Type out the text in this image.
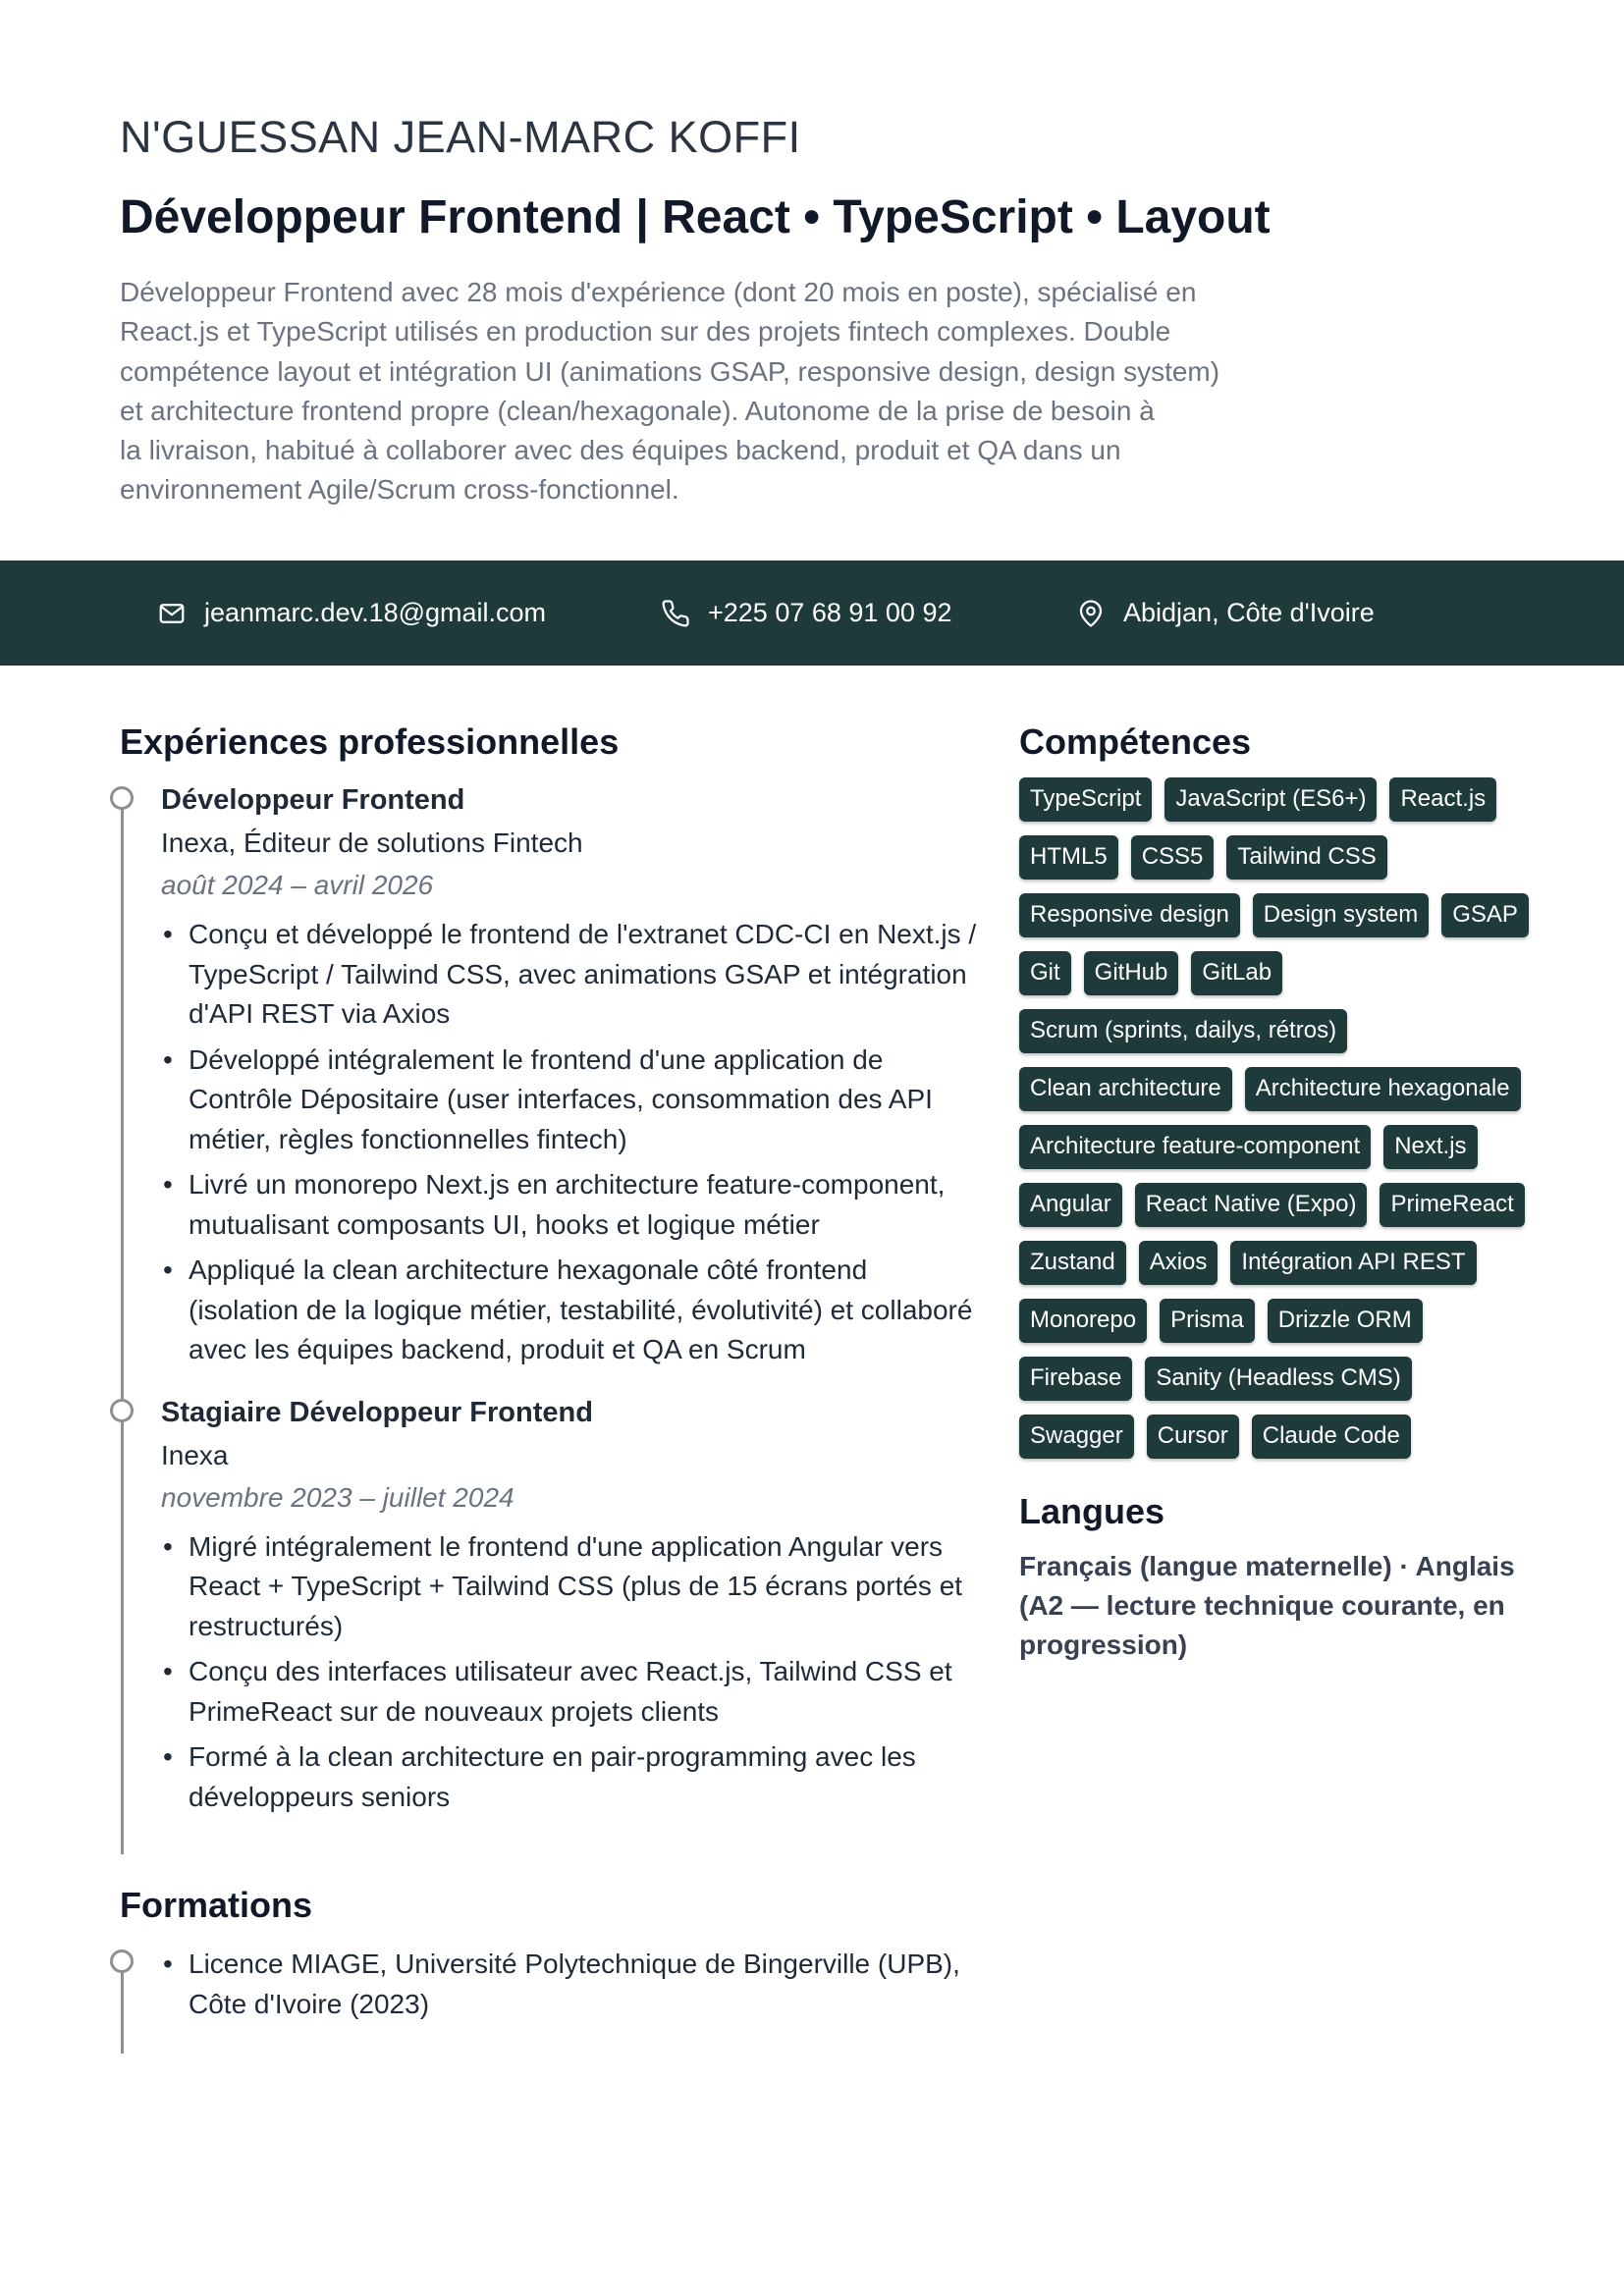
N'GUESSAN JEAN-MARC KOFFI
Développeur Frontend | React • TypeScript • Layout
Développeur Frontend avec 28 mois d'expérience (dont 20 mois en poste), spécialisé en
React.js et TypeScript utilisés en production sur des projets fintech complexes. Double
compétence layout et intégration UI (animations GSAP, responsive design, design system)
et architecture frontend propre (clean/hexagonale). Autonome de la prise de besoin à
la livraison, habitué à collaborer avec des équipes backend, produit et QA dans un
environnement Agile/Scrum cross-fonctionnel.
jeanmarc.dev.18@gmail.com	+225 07 68 91 00 92	Abidjan, Côte d'Ivoire
Expériences professionnelles
Développeur Frontend
Inexa, Éditeur de solutions Fintech
août 2024 – avril 2026
• Conçu et développé le frontend de l'extranet CDC-CI en Next.js / TypeScript / Tailwind CSS, avec animations GSAP et intégration d'API REST via Axios
• Développé intégralement le frontend d'une application de Contrôle Dépositaire (user interfaces, consommation des API métier, règles fonctionnelles fintech)
• Livré un monorepo Next.js en architecture feature-component, mutualisant composants UI, hooks et logique métier
• Appliqué la clean architecture hexagonale côté frontend (isolation de la logique métier, testabilité, évolutivité) et collaboré avec les équipes backend, produit et QA en Scrum
Stagiaire Développeur Frontend
Inexa
novembre 2023 – juillet 2024
• Migré intégralement le frontend d'une application Angular vers React + TypeScript + Tailwind CSS (plus de 15 écrans portés et restructurés)
• Conçu des interfaces utilisateur avec React.js, Tailwind CSS et PrimeReact sur de nouveaux projets clients
• Formé à la clean architecture en pair-programming avec les développeurs seniors
Formations
• Licence MIAGE, Université Polytechnique de Bingerville (UPB), Côte d'Ivoire (2023)
Compétences
TypeScript	JavaScript (ES6+)	React.js
HTML5	CSS5	Tailwind CSS
Responsive design	Design system	GSAP
Git	GitHub	GitLab
Scrum (sprints, dailys, rétros)
Clean architecture	Architecture hexagonale
Architecture feature-component	Next.js
Angular	React Native (Expo)	PrimeReact
Zustand	Axios	Intégration API REST
Monorepo	Prisma	Drizzle ORM
Firebase	Sanity (Headless CMS)
Swagger	Cursor	Claude Code
Langues

Français (langue maternelle) · Anglais (A2 — lecture technique courante, en progression)
